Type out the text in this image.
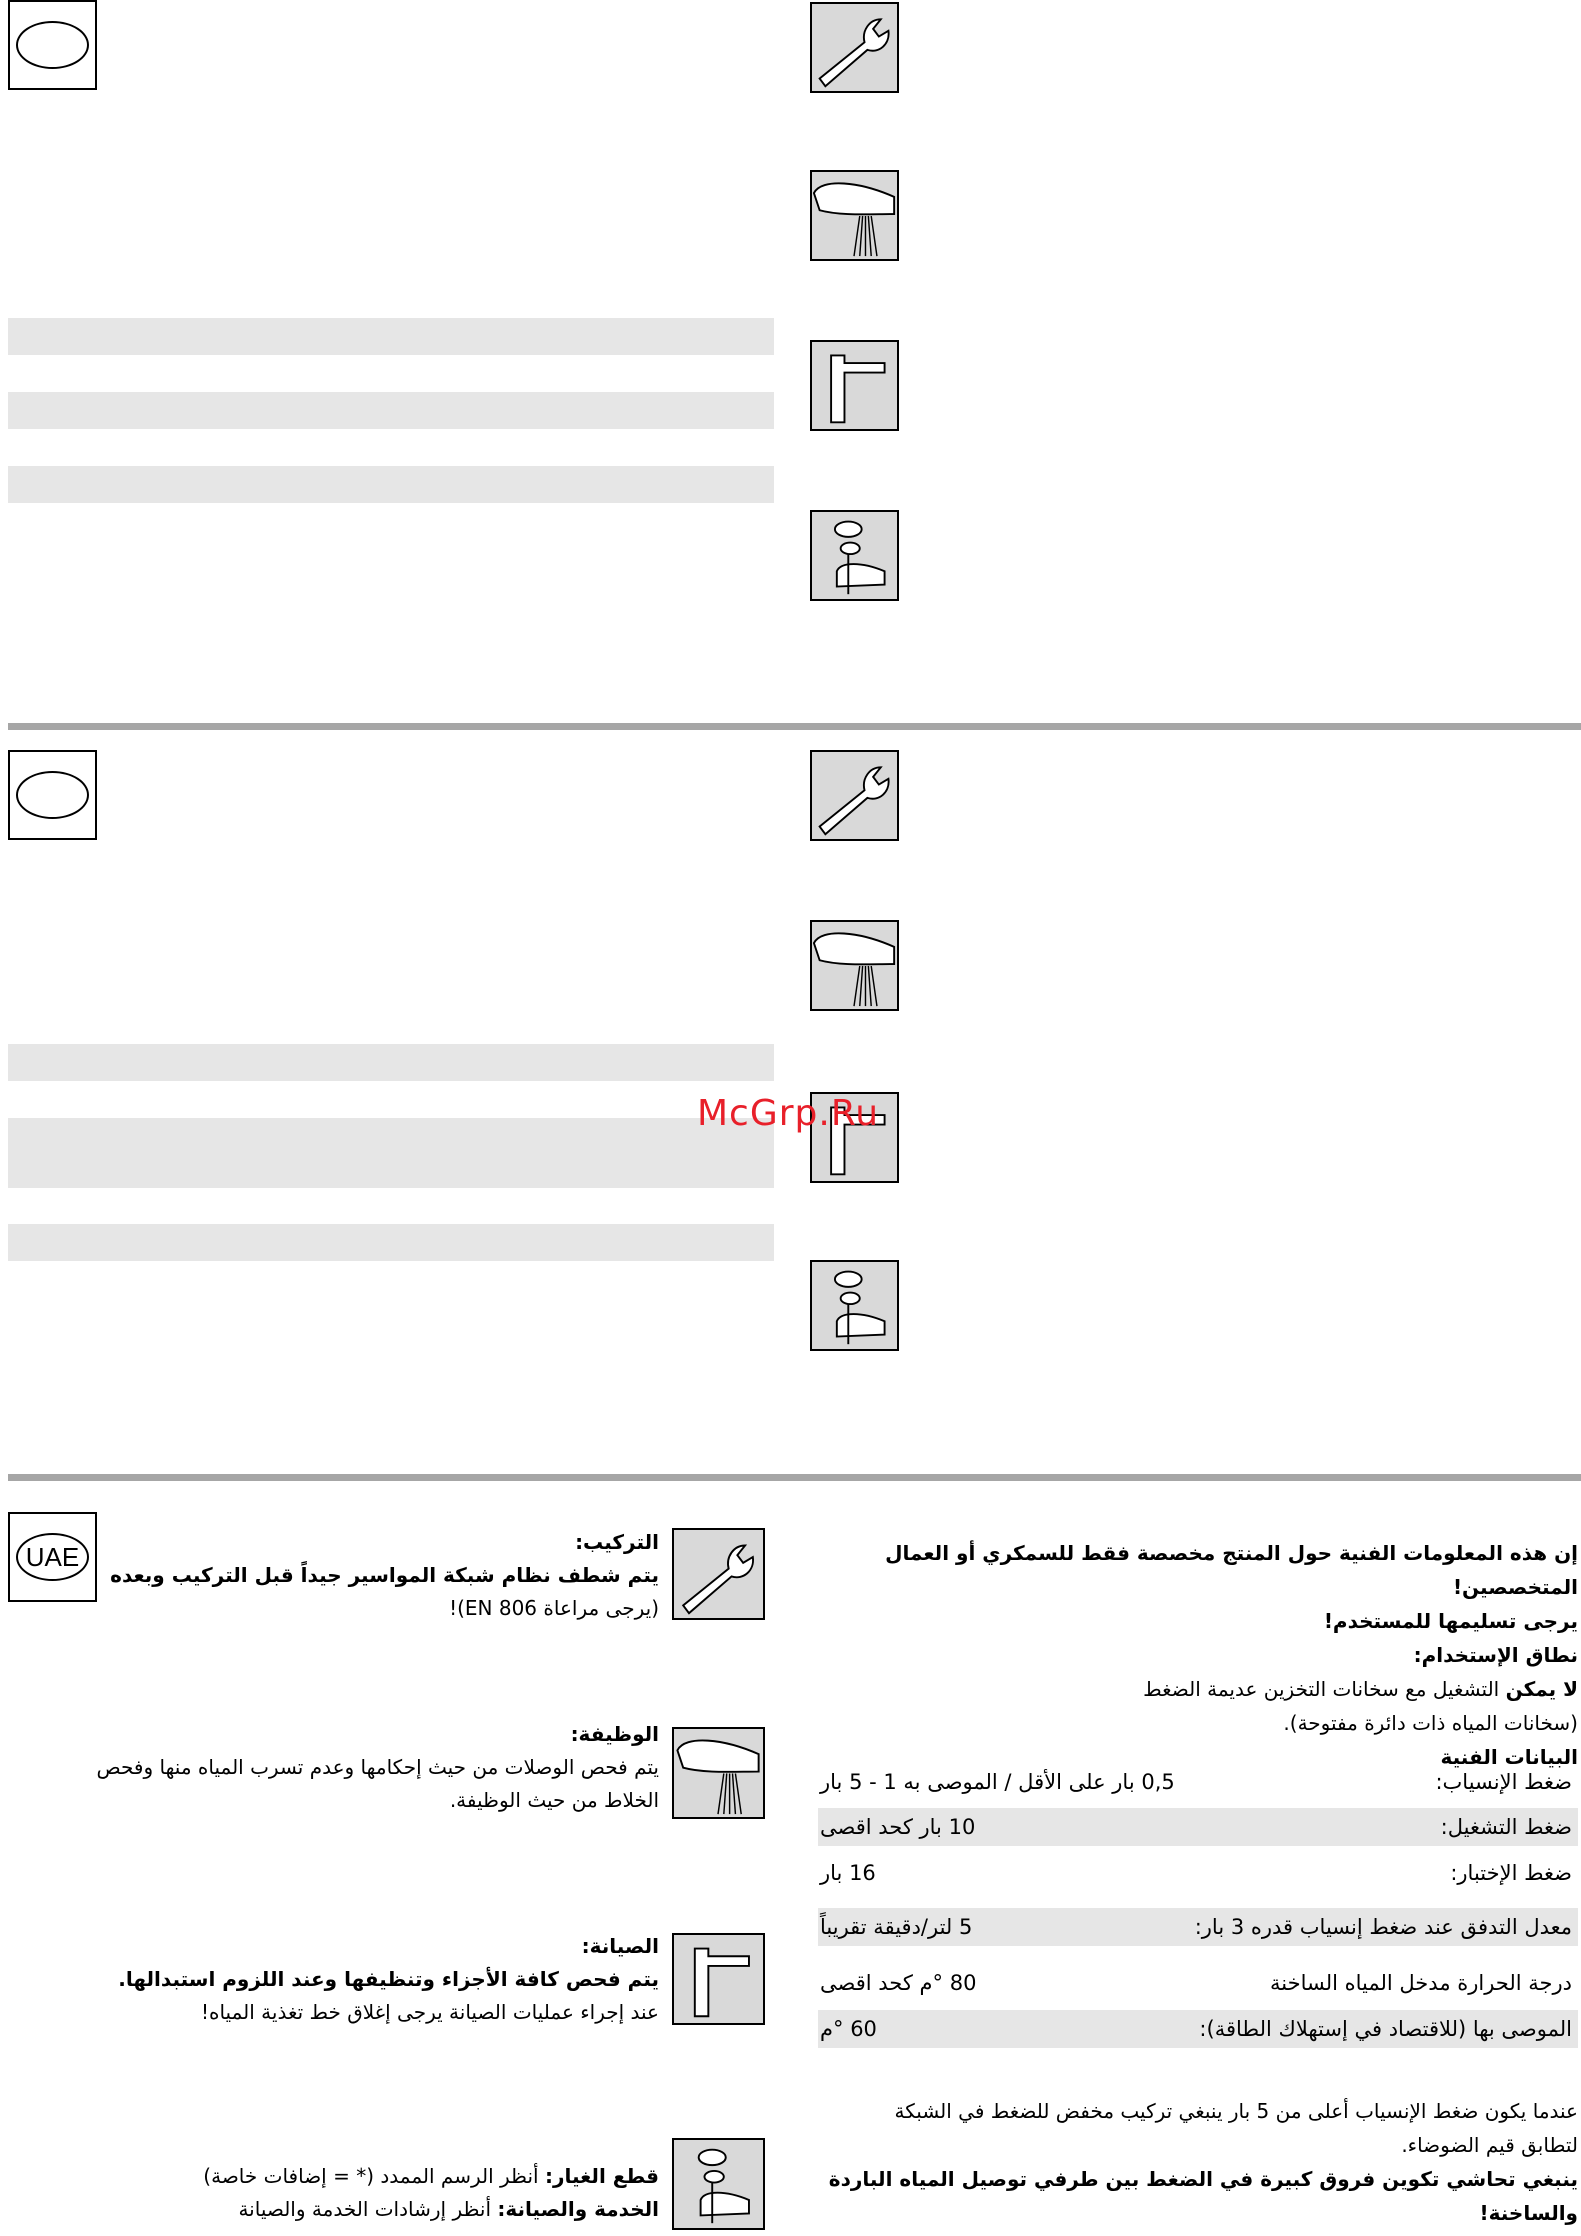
McGrp.Ru
UAE	التركيب:
يتم شطف نظام شبكة المواسير جيداً قبل التركيب وبعده
(يرجى مراعاة EN 806)!
الوظيفة:
يتم فحص الوصلات من حيث إحكامها وعدم تسرب المياه منها وفحص
الخلاط من حيث الوظيفة.
الصيانة:
يتم فحص كافة الأجزاء وتنظيفها وعند اللزوم استبدالها.
عند إجراء عمليات الصيانة يرجى إغلاق خط تغذية المياه!
قطع الغيار: أنظر الرسم الممدد (* = إضافات خاصة)
الخدمة والصيانة: أنظر إرشادات الخدمة والصيانة
إن هذه المعلومات الفنية حول المنتج مخصصة فقط للسمكري أو العمال المتخصصين!
يرجى تسليمها للمستخدم!
نطاق الإستخدام:
لا يمكن التشغيل مع سخانات التخزين عديمة الضغط
(سخانات المياه ذات دائرة مفتوحة).
البيانات الفنية
ضغط الإنسياب:
0,5 بار على الأقل / الموصى به 1 - 5 بار
ضغط التشغيل:
10 بار كحد اقصى
ضغط الإختبار:
16 بار
معدل التدفق عند ضغط إنسياب قدره 3 بار:
5 لتر/دقيقة تقريباً
درجة الحرارة مدخل المياه الساخنة
80 °م كحد اقصى
الموصى بها (للاقتصاد في إستهلاك الطاقة):
60 °م
عندما يكون ضغط الإنسياب أعلى من 5 بار ينبغي تركيب مخفض للضغط في الشبكة
لتطابق قيم الضوضاء.
ينبغي تحاشي تكوين فروق كبيرة في الضغط بين طرفي توصيل المياه الباردة والساخنة!
